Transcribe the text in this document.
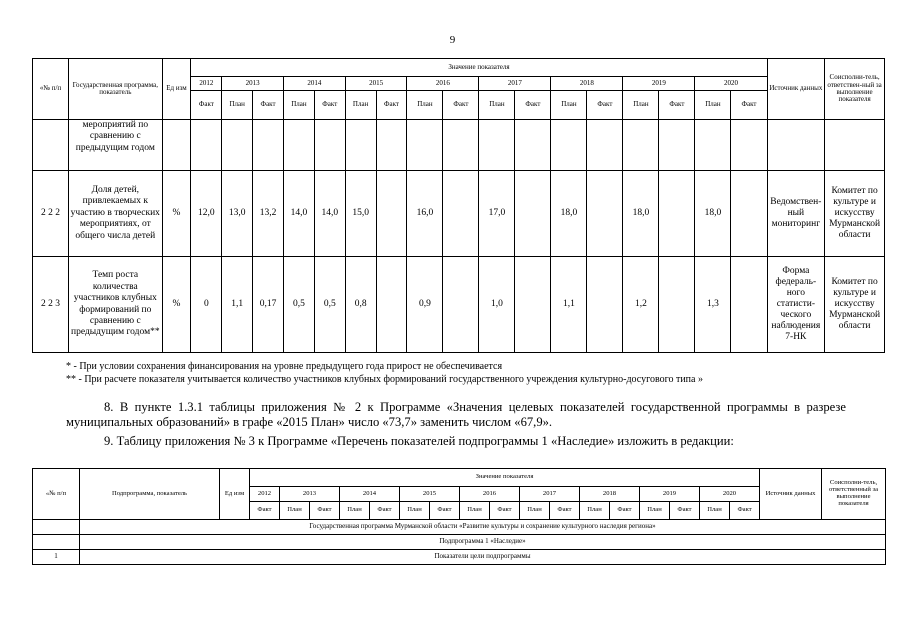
9
«№ п/п	Государственная программа, показатель	Ед изм	Значение показателя																	Источник данных	Соисполни-тель, ответствен-ный за выполнение показателя
			2012	2013		2014		2015		2016		2017		2018		2019		2020			
			Факт	План	Факт	План	Факт	План	Факт	План	Факт	План	Факт	План	Факт	План	Факт	План	Факт		
	мероприятий по сравнению с предыдущим годом																				
2 2 2	Доля детей, привлекаемых к участию в творческих мероприятиях, от общего числа детей	%	12,0	13,0	13,2	14,0	14,0	15,0		16,0		17,0		18,0		18,0		18,0		Ведомствен-ный мониторинг	Комитет по культуре и искусству Мурманской области
2 2 3	Темп роста количества участников клубных формирований по сравнению с предыдущим годом**	%	0	1,1	0,17	0,5	0,5	0,8		0,9		1,0		1,1		1,2		1,3		Форма федераль-ного статисти-ческого наблюдения 7-НК	Комитет по культуре и искусству Мурманской области
* - При условии сохранения финансирования на уровне предыдущего года прирост не обеспечивается
** - При расчете показателя учитывается количество участников клубных формирований государственного учреждения культурно-досугового типа »
8. В пункте 1.3.1 таблицы приложения № 2 к Программе «Значения целевых показателей государственной программы в разрезе муниципальных образований» в графе «2015 План» число «73,7» заменить числом «67,9».
9. Таблицу приложения № 3 к Программе «Перечень показателей подпрограммы 1 «Наследие» изложить в редакции:
«№ п/п	Подпрограмма, показатель	Ед изм	Значение показателя																	Источник данных	Соисполни-тель, ответственный за выполнение показателя
			2012	2013		2014		2015		2016		2017		2018		2019		2020			
			Факт	План	Факт	План	Факт	План	Факт	План	Факт	План	Факт	План	Факт	План	Факт	План	Факт		
	Государственная программа Мурманской области «Развитие культуры и сохранение культурного наследия региона»																				
	Подпрограмма 1 «Наследие»																				
1	Показатели цели подпрограммы																				
